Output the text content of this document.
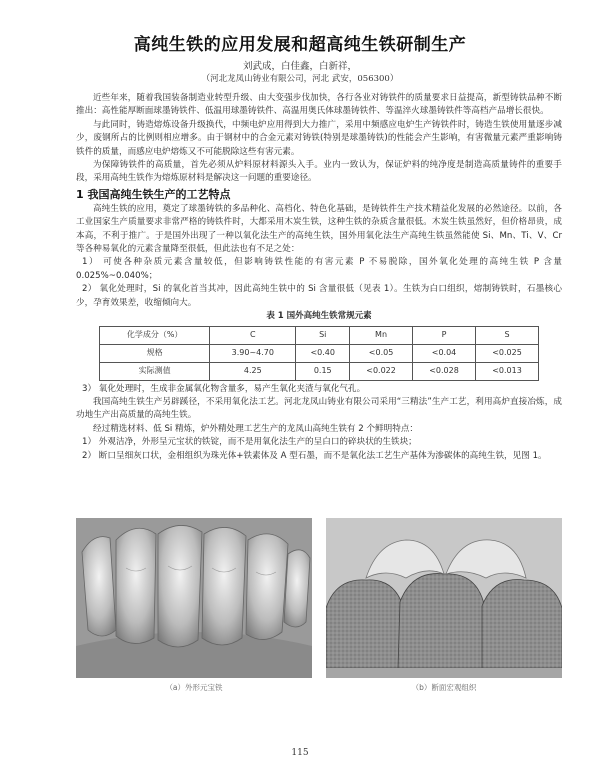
高纯生铁的应用发展和超高纯生铁研制生产
刘武成，白佳鑫，白新祥，
（河北龙凤山铸业有限公司，河北 武安，056300）

近些年来，随着我国装备制造业转型升级、由大变强步伐加快，各行各业对铸铁件的质量要求日益提高，新型铸铁品种不断推出：高性能厚断面球墨铸铁件、低温用球墨铸铁件、高温用奥氏体球墨铸铁件、等温淬火球墨铸铁件等高档产品增长很快。

与此同时，铸造熔炼设备升级换代，中频电炉应用得到大力推广，采用中频感应电炉生产铸铁件时，铸造生铁使用量逐步减少，废钢所占的比例则相应增多。由于钢材中的合金元素对铸铁(特别是球墨铸铁)的性能会产生影响，有害微量元素严重影响铸铁件的质量，而感应电炉熔炼又不可能脱除这些有害元素。

为保障铸铁件的高质量，首先必须从炉料原材料源头入手。业内一致认为，保证炉料的纯净度是制造高质量铸件的重要手段，采用高纯生铁作为熔炼原材料是解决这一问题的重要途径。

1 我国高纯生铁生产的工艺特点

高纯生铁的应用，奠定了球墨铸铁的多品种化、高档化、特色化基础，是铸铁件生产技术精益化发展的必然途径。以前，各工业国家生产质量要求非常严格的铸铁件时，大都采用木炭生铁，这种生铁的杂质含量很低。木炭生铁虽然好，但价格昂贵，成本高，不利于推广。于是国外出现了一种以氧化法生产的高纯生铁，国外用氧化法生产高纯生铁虽然能使 Si、Mn、Ti、V、Cr 等各种易氧化的元素含量降至很低，但此法也有不足之处：

1） 可使各种杂质元素含量较低，但影响铸铁性能的有害元素 P 不易脱除，国外氧化处理的高纯生铁 P 含量 0.025%~0.040%；

2） 氧化处理时，Si 的氧化首当其冲，因此高纯生铁中的 Si 含量很低（见表 1）。生铁为白口组织，熔制铸铁时，石墨核心少，孕育效果差，收缩倾向大。

表 1 国外高纯生铁常规元素
化学成分（%）	C	Si	Mn	P	S
规格	3.90~4.70	<0.40	<0.05	<0.04	<0.025
实际测值	4.25	0.15	<0.022	<0.028	<0.013

3） 氧化处理时，生成非金属氧化物含量多，易产生氧化夹渣与氧化气孔。

我国高纯生铁生产另辟蹊径，不采用氧化法工艺。河北龙凤山铸业有限公司采用“三精法”生产工艺，利用高炉直接冶炼，成功地生产出高质量的高纯生铁。

经过精选材料、低 Si 精炼，炉外精处理工艺生产的龙凤山高纯生铁有 2 个鲜明特点：

1） 外观洁净，外形呈元宝状的铁锭，而不是用氧化法生产的呈白口的碎块状的生铁块；

2） 断口呈细灰口状，金相组织为珠光体+铁素体及 A 型石墨，而不是氧化法工艺生产基体为渗碳体的高纯生铁，见图 1。

（a）外形元宝铁	（b）断面宏观组织
115
